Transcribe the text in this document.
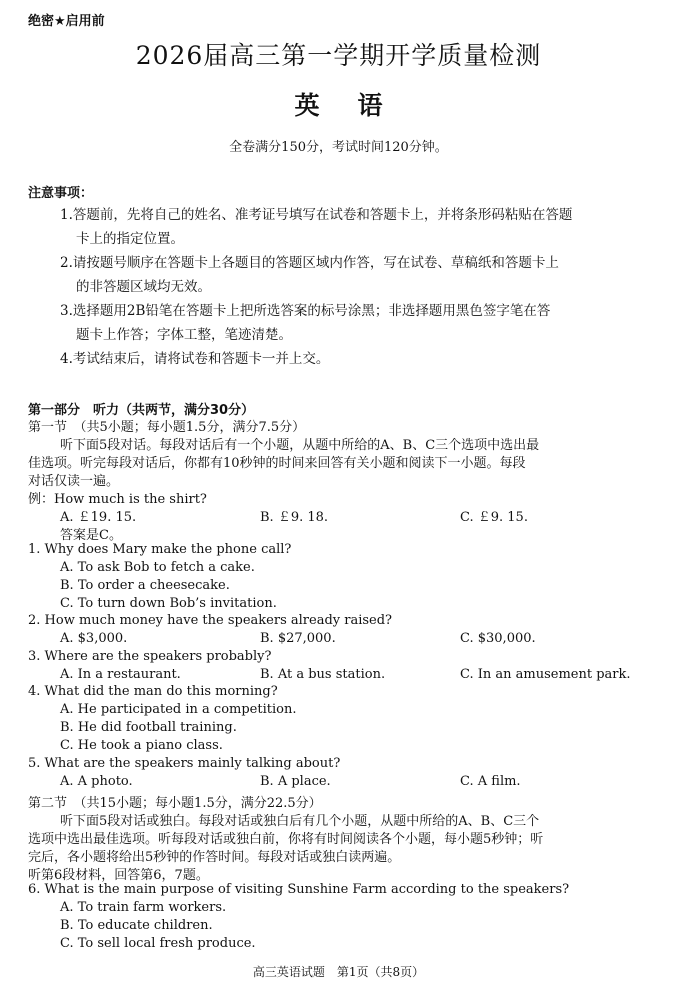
绝密★启用前
2026届高三第一学期开学质量检测
英语
全卷满分150分，考试时间120分钟。
注意事项：
1.答题前，先将自己的姓名、准考证号填写在试卷和答题卡上，并将条形码粘贴在答题
卡上的指定位置。
2.请按题号顺序在答题卡上各题目的答题区域内作答，写在试卷、草稿纸和答题卡上
的非答题区域均无效。
3.选择题用2B铅笔在答题卡上把所选答案的标号涂黑；非选择题用黑色签字笔在答
题卡上作答；字体工整，笔迹清楚。
4.考试结束后，请将试卷和答题卡一并上交。
第一部分　听力（共两节，满分30分）
第一节　（共5小题；每小题1.5分，满分7.5分）
听下面5段对话。每段对话后有一个小题，从题中所给的A、B、C三个选项中选出最
佳选项。听完每段对话后，你都有10秒钟的时间来回答有关小题和阅读下一小题。每段
对话仅读一遍。
例：How much is the shirt?
A. ￡19. 15.	B. ￡9. 18.	C. ￡9. 15.
答案是C。
1. Why does Mary make the phone call?
A. To ask Bob to fetch a cake.
B. To order a cheesecake.
C. To turn down Bob’s invitation.
2. How much money have the speakers already raised?
A. $3,000.	B. $27,000.	C. $30,000.
3. Where are the speakers probably?
A. In a restaurant.	B. At a bus station.	C. In an amusement park.
4. What did the man do this morning?
A. He participated in a competition.
B. He did football training.
C. He took a piano class.
5. What are the speakers mainly talking about?
A. A photo.	B. A place.	C. A film.
第二节　（共15小题；每小题1.5分，满分22.5分）
听下面5段对话或独白。每段对话或独白后有几个小题，从题中所给的A、B、C三个
选项中选出最佳选项。听每段对话或独白前，你将有时间阅读各个小题，每小题5秒钟；听
完后，各小题将给出5秒钟的作答时间。每段对话或独白读两遍。
听第6段材料，回答第6，7题。
6. What is the main purpose of visiting Sunshine Farm according to the speakers?
A. To train farm workers.
B. To educate children.
C. To sell local fresh produce.
高三英语试题　第1页（共8页）
